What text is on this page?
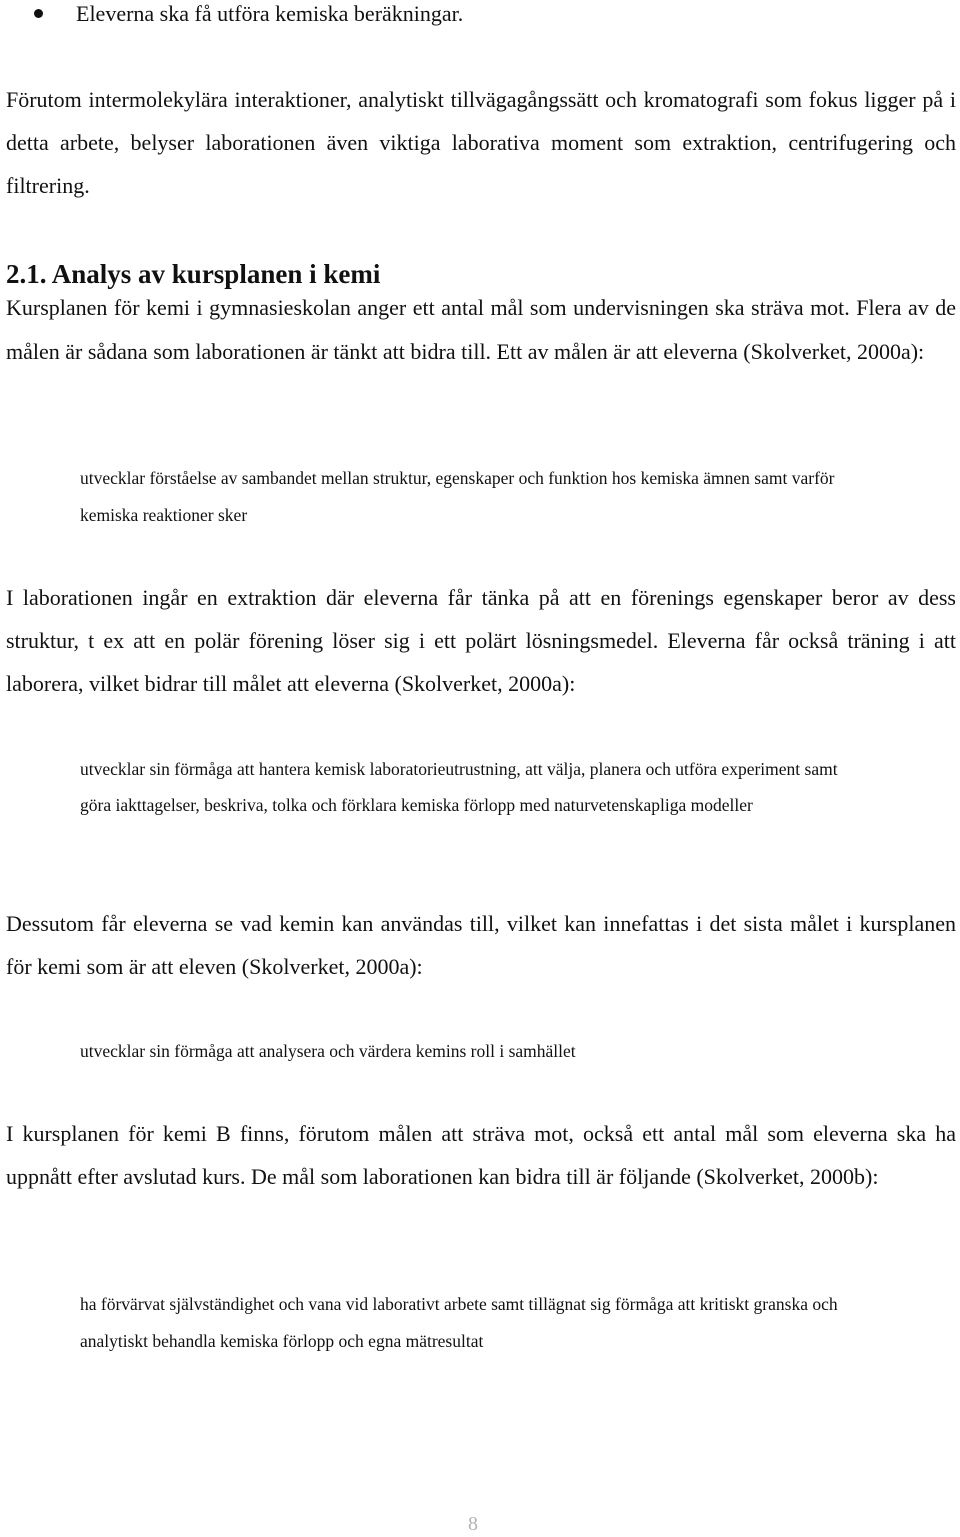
Eleverna ska få utföra kemiska beräkningar.

Förutom intermolekylära interaktioner, analytiskt tillvägagångssätt och kromatografi som fokus ligger på i detta arbete, belyser laborationen även viktiga laborativa moment som extraktion, centrifugering och filtrering.

2.1. Analys av kursplanen i kemi

Kursplanen för kemi i gymnasieskolan anger ett antal mål som undervisningen ska sträva mot. Flera av de målen är sådana som laborationen är tänkt att bidra till. Ett av målen är att eleverna (Skolverket, 2000a):

utvecklar förståelse av sambandet mellan struktur, egenskaper och funktion hos kemiska ämnen samt varför kemiska reaktioner sker

I laborationen ingår en extraktion där eleverna får tänka på att en förenings egenskaper beror av dess struktur, t ex att en polär förening löser sig i ett polärt lösningsmedel. Eleverna får också träning i att laborera, vilket bidrar till målet att eleverna (Skolverket, 2000a):

utvecklar sin förmåga att hantera kemisk laboratorieutrustning, att välja, planera och utföra experiment samt göra iakttagelser, beskriva, tolka och förklara kemiska förlopp med naturvetenskapliga modeller

Dessutom får eleverna se vad kemin kan användas till, vilket kan innefattas i det sista målet i kursplanen för kemi som är att eleven (Skolverket, 2000a):

utvecklar sin förmåga att analysera och värdera kemins roll i samhället

I kursplanen för kemi B finns, förutom målen att sträva mot, också ett antal mål som eleverna ska ha uppnått efter avslutad kurs. De mål som laborationen kan bidra till är följande (Skolverket, 2000b):

ha förvärvat självständighet och vana vid laborativt arbete samt tillägnat sig förmåga att kritiskt granska och analytiskt behandla kemiska förlopp och egna mätresultat

8
